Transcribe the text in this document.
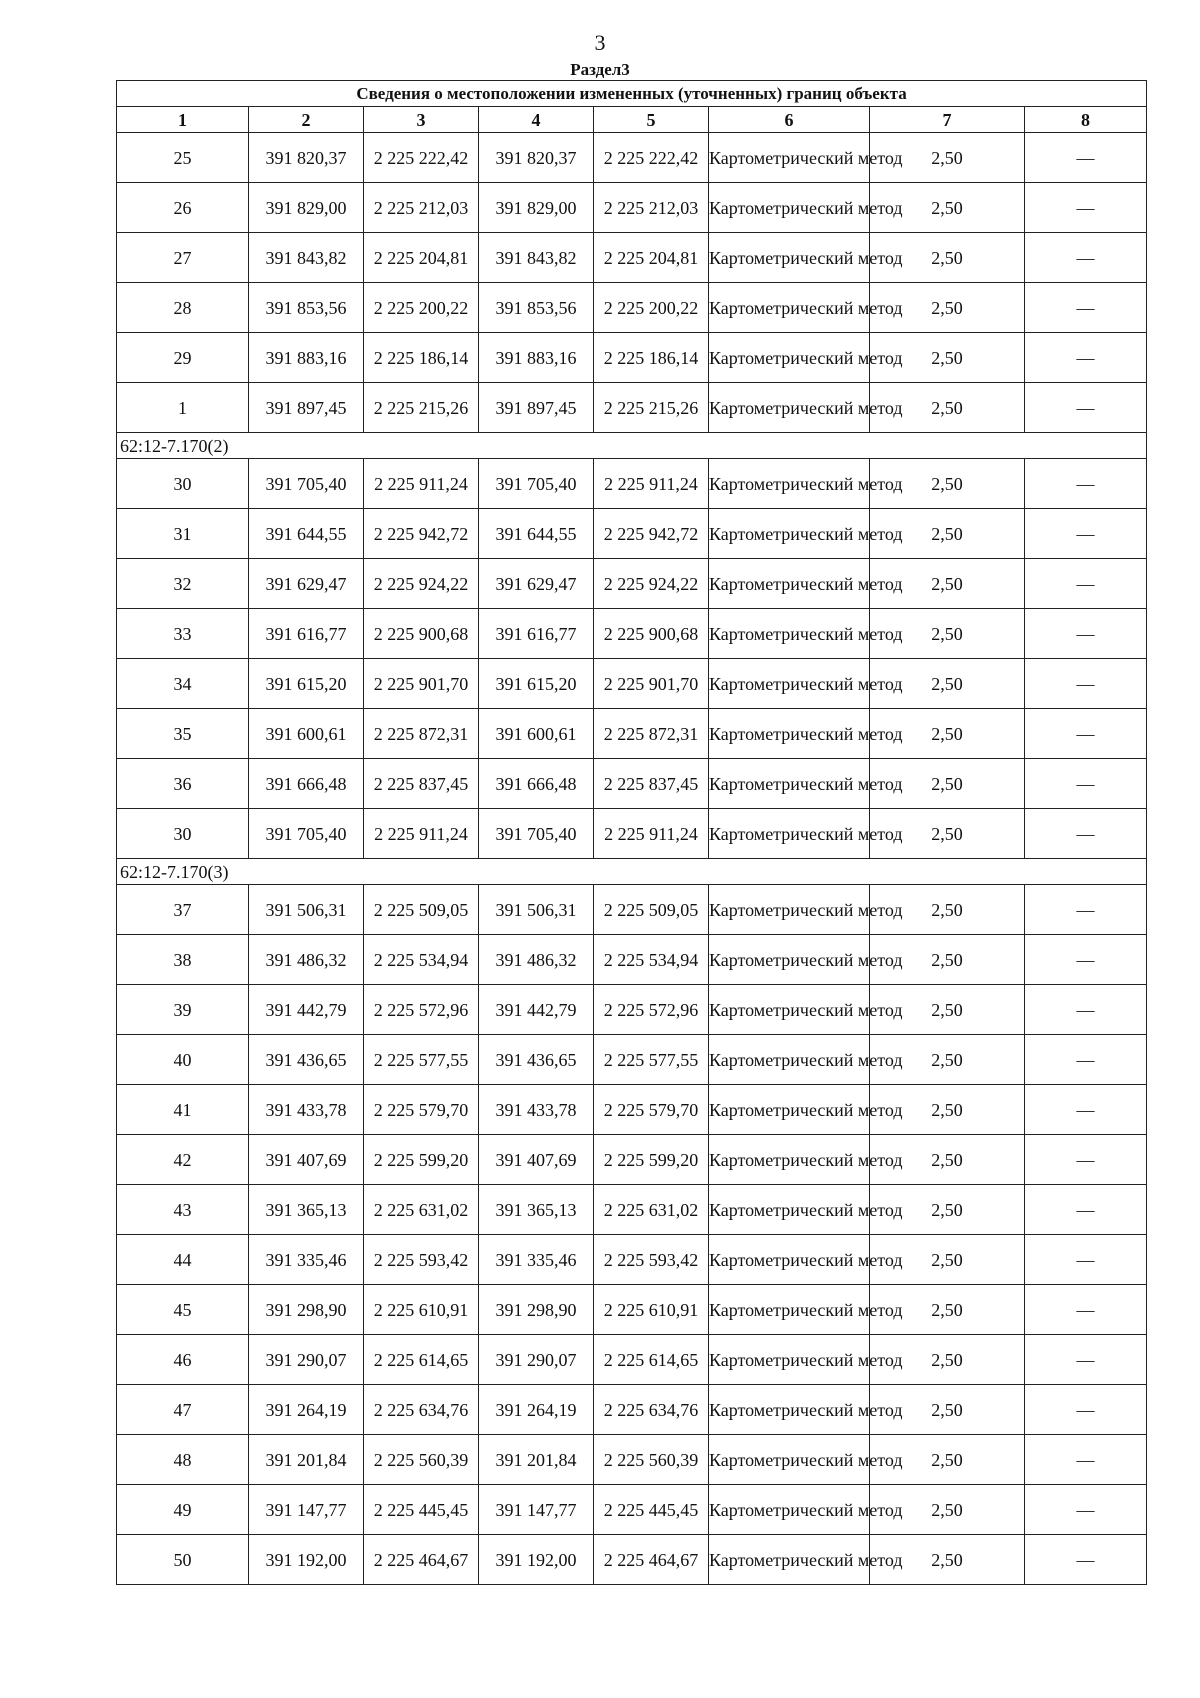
3
Раздел3
Сведения о местоположении измененных (уточненных) границ объекта							
1	2	3	4	5	6	7	8
25	391 820,37	2 225 222,42	391 820,37	2 225 222,42	Картометрический метод	2,50	—
26	391 829,00	2 225 212,03	391 829,00	2 225 212,03	Картометрический метод	2,50	—
27	391 843,82	2 225 204,81	391 843,82	2 225 204,81	Картометрический метод	2,50	—
28	391 853,56	2 225 200,22	391 853,56	2 225 200,22	Картометрический метод	2,50	—
29	391 883,16	2 225 186,14	391 883,16	2 225 186,14	Картометрический метод	2,50	—
1	391 897,45	2 225 215,26	391 897,45	2 225 215,26	Картометрический метод	2,50	—
62:12-7.170(2)							
30	391 705,40	2 225 911,24	391 705,40	2 225 911,24	Картометрический метод	2,50	—
31	391 644,55	2 225 942,72	391 644,55	2 225 942,72	Картометрический метод	2,50	—
32	391 629,47	2 225 924,22	391 629,47	2 225 924,22	Картометрический метод	2,50	—
33	391 616,77	2 225 900,68	391 616,77	2 225 900,68	Картометрический метод	2,50	—
34	391 615,20	2 225 901,70	391 615,20	2 225 901,70	Картометрический метод	2,50	—
35	391 600,61	2 225 872,31	391 600,61	2 225 872,31	Картометрический метод	2,50	—
36	391 666,48	2 225 837,45	391 666,48	2 225 837,45	Картометрический метод	2,50	—
30	391 705,40	2 225 911,24	391 705,40	2 225 911,24	Картометрический метод	2,50	—
62:12-7.170(3)							
37	391 506,31	2 225 509,05	391 506,31	2 225 509,05	Картометрический метод	2,50	—
38	391 486,32	2 225 534,94	391 486,32	2 225 534,94	Картометрический метод	2,50	—
39	391 442,79	2 225 572,96	391 442,79	2 225 572,96	Картометрический метод	2,50	—
40	391 436,65	2 225 577,55	391 436,65	2 225 577,55	Картометрический метод	2,50	—
41	391 433,78	2 225 579,70	391 433,78	2 225 579,70	Картометрический метод	2,50	—
42	391 407,69	2 225 599,20	391 407,69	2 225 599,20	Картометрический метод	2,50	—
43	391 365,13	2 225 631,02	391 365,13	2 225 631,02	Картометрический метод	2,50	—
44	391 335,46	2 225 593,42	391 335,46	2 225 593,42	Картометрический метод	2,50	—
45	391 298,90	2 225 610,91	391 298,90	2 225 610,91	Картометрический метод	2,50	—
46	391 290,07	2 225 614,65	391 290,07	2 225 614,65	Картометрический метод	2,50	—
47	391 264,19	2 225 634,76	391 264,19	2 225 634,76	Картометрический метод	2,50	—
48	391 201,84	2 225 560,39	391 201,84	2 225 560,39	Картометрический метод	2,50	—
49	391 147,77	2 225 445,45	391 147,77	2 225 445,45	Картометрический метод	2,50	—
50	391 192,00	2 225 464,67	391 192,00	2 225 464,67	Картометрический метод	2,50	—
